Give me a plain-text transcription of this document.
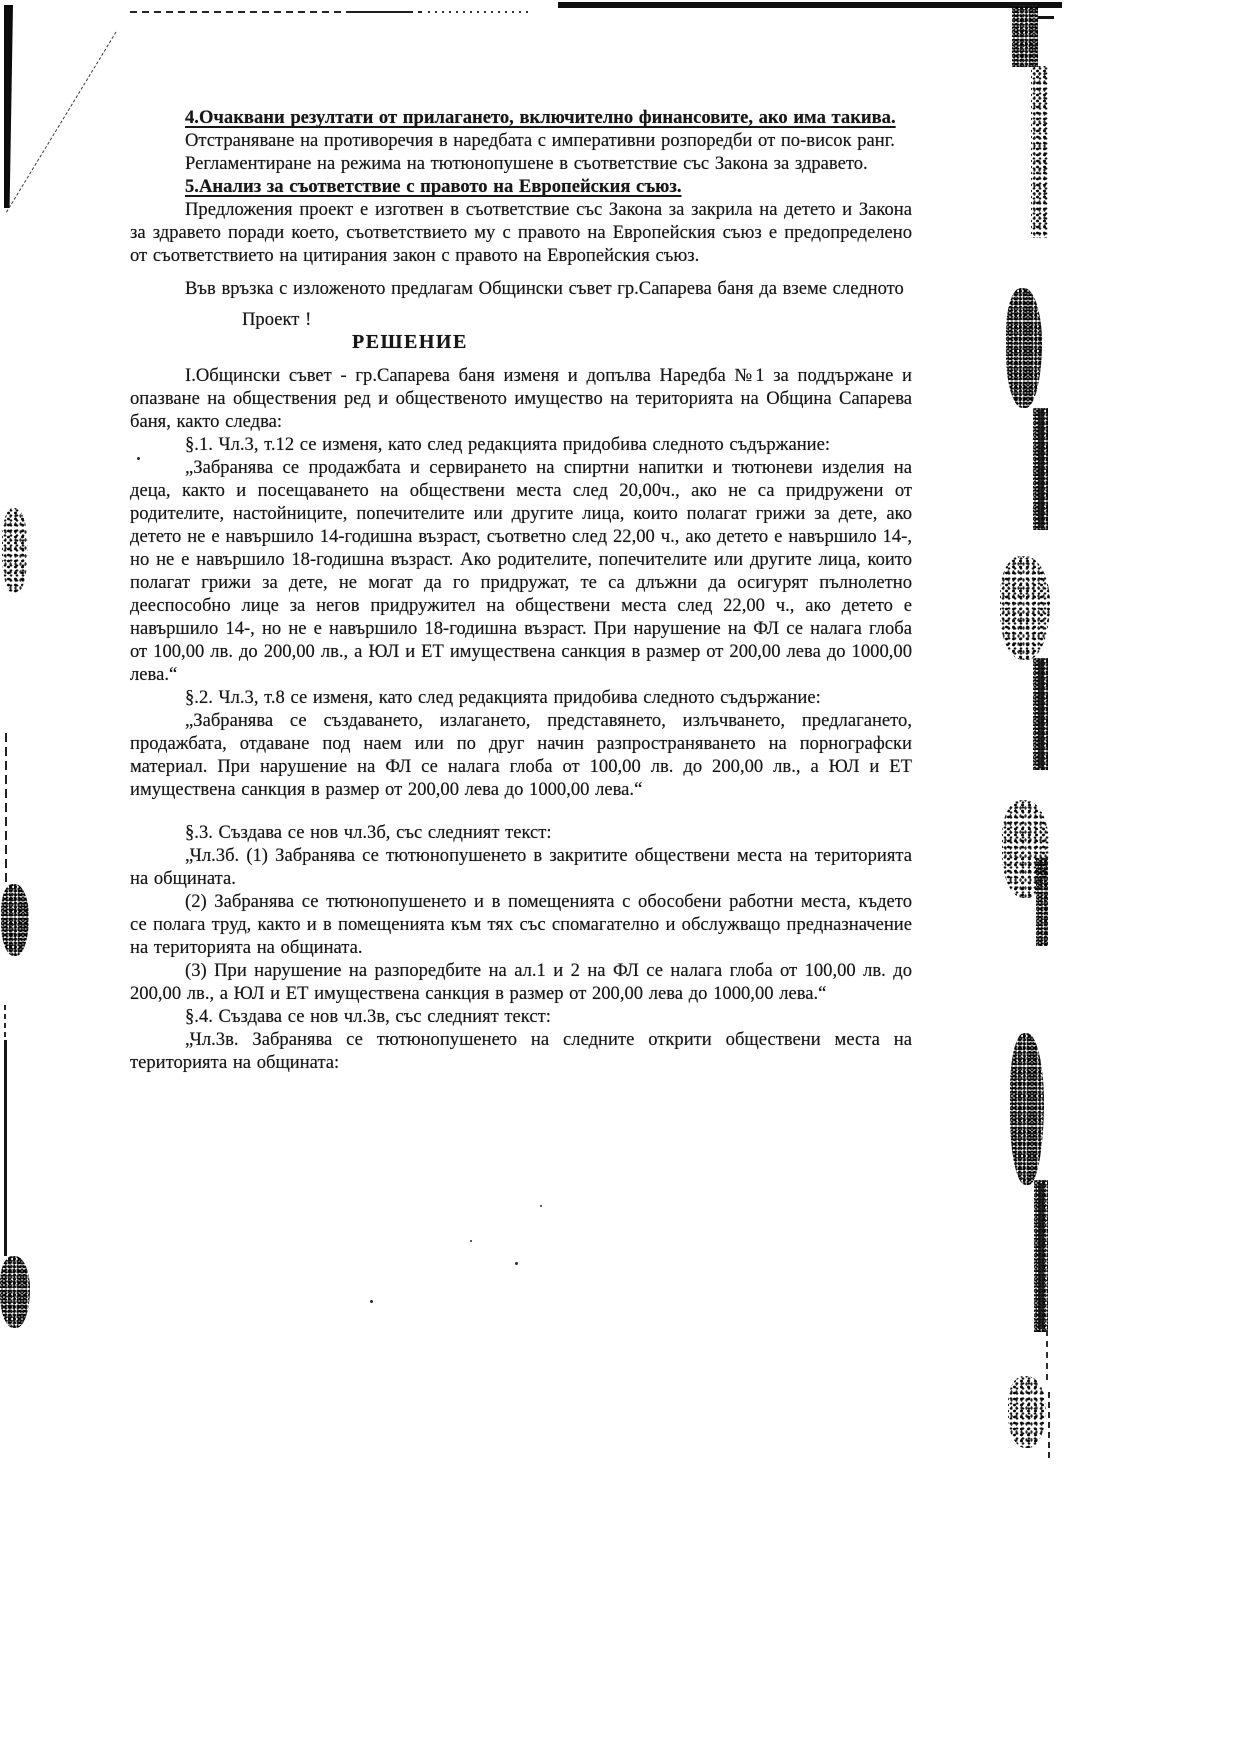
4.Очаквани резултати от прилагането, включително финансовите, ако има такива.

Отстраняване на противоречия в наредбата с императивни розпоредби от по-висок ранг.

Регламентиране на режима на тютюнопушене в съответствие със Закона за здравето.

5.Анализ за съответствие с правото на Европейския съюз.

Предложения проект е изготвен в съответствие със Закона за закрила на детето и Закона за здравето поради което, съответствието му с правото на Европейския съюз е предопределено от съответствието на цитирания закон с правото на Европейския съюз.

Във връзка с изложеното предлагам Общински съвет гр.Сапарева баня да вземе следното

Проект !

РЕШЕНИЕ

I.Общински съвет - гр.Сапарева баня изменя и допълва Наредба №1 за поддържане и опазване на обществения ред и общественото имущество на територията на Община Сапарева баня, както следва:

§.1. Чл.3, т.12 се изменя, като след редакцията придобива следното съдържание:

„Забранява се продажбата и сервирането на спиртни напитки и тютюневи изделия на деца, както и посещаването на обществени места след 20,00ч., ако не са придружени от родителите, настойниците, попечителите или другите лица, които полагат грижи за дете, ако детето не е навършило 14-годишна възраст, съответно след 22,00 ч., ако детето е навършило 14-, но не е навършило 18-годишна възраст. Ако родителите, попечителите или другите лица, които полагат грижи за дете, не могат да го придружат, те са длъжни да осигурят пълнолетно дееспособно лице за негов придружител на обществени места след 22,00 ч., ако детето е навършило 14-, но не е навършило 18-годишна възраст. При нарушение на ФЛ се налага глоба от 100,00 лв. до 200,00 лв., а ЮЛ и ЕТ имуществена санкция в размер от 200,00 лева до 1000,00 лева.“

§.2. Чл.3, т.8 се изменя, като след редакцията придобива следното съдържание:

„Забранява се създаването, излагането, представянето, излъчването, предлагането, продажбата, отдаване под наем или по друг начин разпространяването на порнографски материал. При нарушение на ФЛ се налага глоба от 100,00 лв. до 200,00 лв., а ЮЛ и ЕТ имуществена санкция в размер от 200,00 лева до 1000,00 лева.“

§.3. Създава се нов чл.3б, със следният текст:

„Чл.3б. (1) Забранява се тютюнопушенето в закритите обществени места на територията на общината.

(2) Забранява се тютюнопушенето и в помещенията с обособени работни места, където се полага труд, както и в помещенията към тях със спомагателно и обслужващо предназначение на територията на общината.

(3) При нарушение на разпоредбите на ал.1 и 2 на ФЛ се налага глоба от 100,00 лв. до 200,00 лв., а ЮЛ и ЕТ имуществена санкция в размер от 200,00 лева до 1000,00 лева.“

§.4. Създава се нов чл.3в, със следният текст:

„Чл.3в. Забранява се тютюнопушенето на следните открити обществени места на територията на общината:
